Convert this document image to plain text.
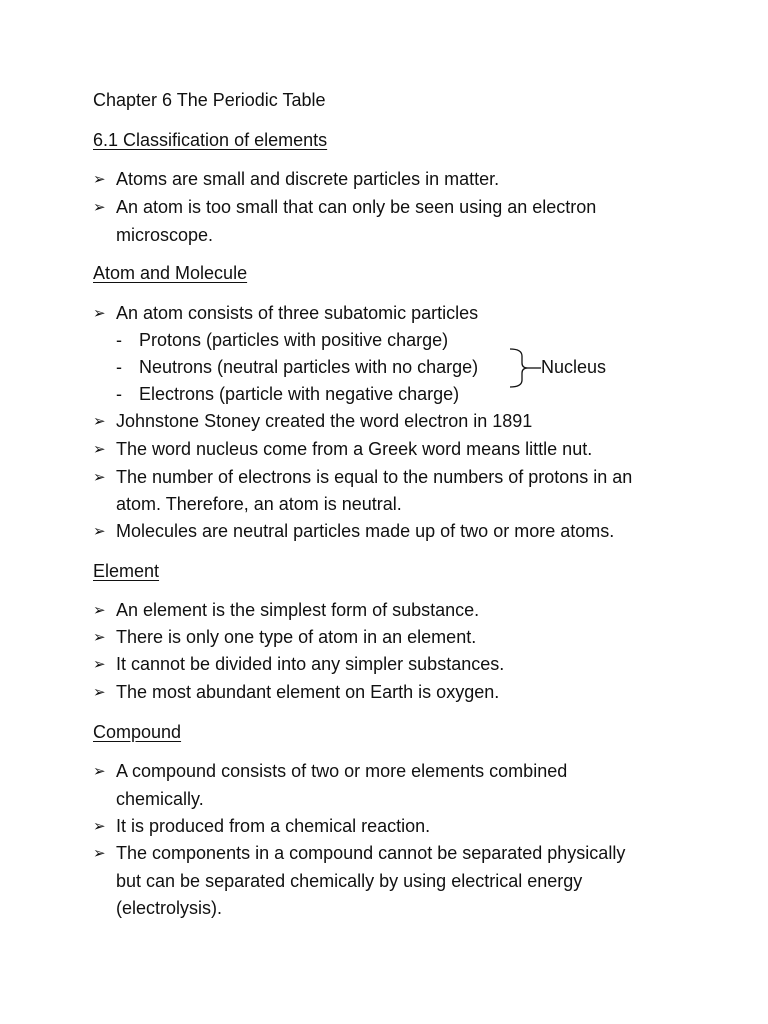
Chapter 6 The Periodic Table
6.1 Classification of elements
➢ Atoms are small and discrete particles in matter.
➢ An atom is too small that can only be seen using an electron
microscope.
Atom and Molecule
➢ An atom consists of three subatomic particles
- Protons (particles with positive charge)
- Neutrons (neutral particles with no charge)
- Electrons (particle with negative charge)
Nucleus
➢ Johnstone Stoney created the word electron in 1891
➢ The word nucleus come from a Greek word means little nut.
➢ The number of electrons is equal to the numbers of protons in an
atom. Therefore, an atom is neutral.
➢ Molecules are neutral particles made up of two or more atoms.
Element
➢ An element is the simplest form of substance.
➢ There is only one type of atom in an element.
➢ It cannot be divided into any simpler substances.
➢ The most abundant element on Earth is oxygen.
Compound
➢ A compound consists of two or more elements combined
chemically.
➢ It is produced from a chemical reaction.
➢ The components in a compound cannot be separated physically
but can be separated chemically by using electrical energy
(electrolysis).
